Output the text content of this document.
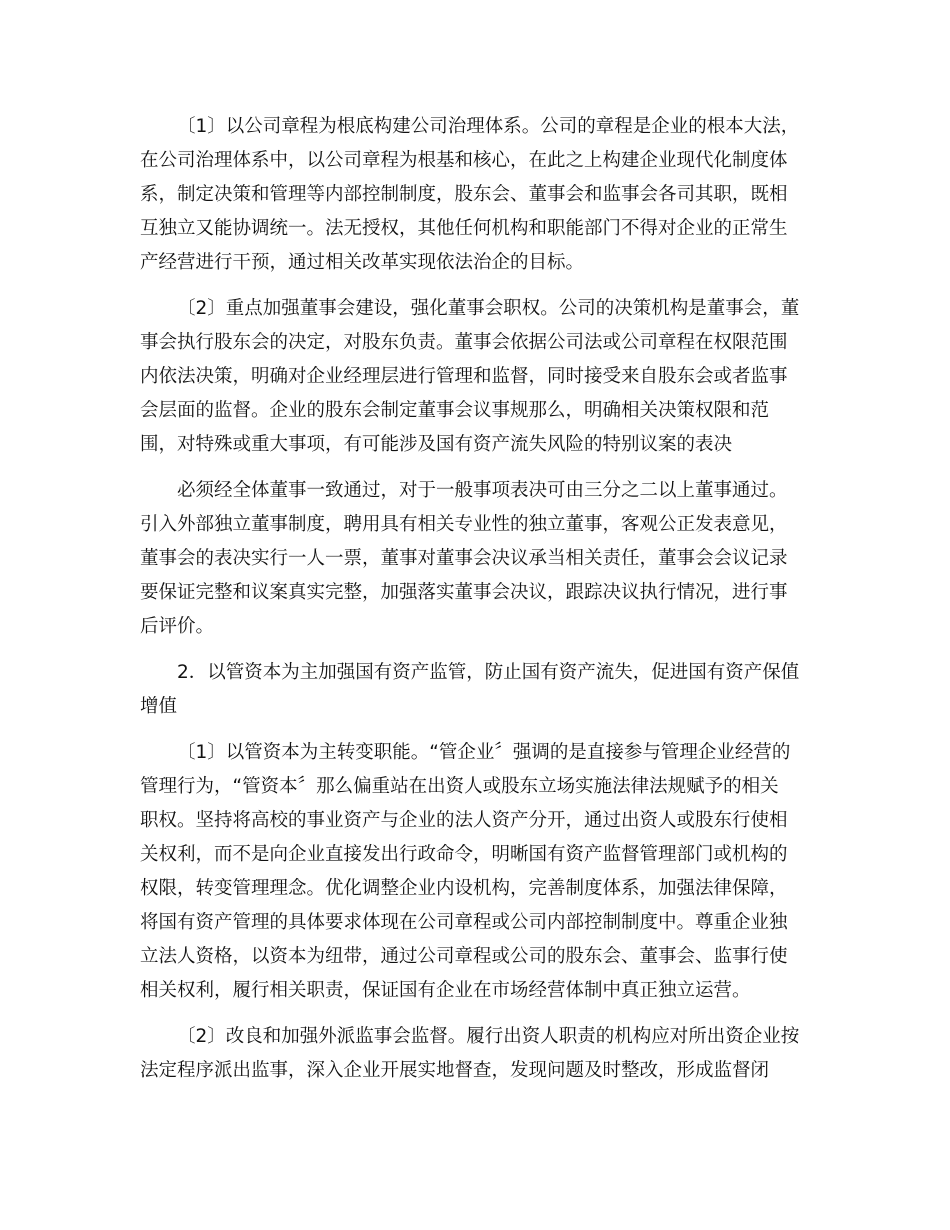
〔1〕以公司章程为根底构建公司治理体系。公司的章程是企业的根本大法，
在公司治理体系中，以公司章程为根基和核心，在此之上构建企业现代化制度体
系，制定决策和管理等内部控制制度，股东会、董事会和监事会各司其职，既相
互独立又能协调统一。法无授权，其他任何机构和职能部门不得对企业的正常生
产经营进行干预，通过相关改革实现依法治企的目标。
〔2〕重点加强董事会建设，强化董事会职权。公司的决策机构是董事会，董
事会执行股东会的决定，对股东负责。董事会依据公司法或公司章程在权限范围
内依法决策，明确对企业经理层进行管理和监督，同时接受来自股东会或者监事
会层面的监督。企业的股东会制定董事会议事规那么，明确相关决策权限和范
围，对特殊或重大事项，有可能涉及国有资产流失风险的特别议案的表决
必须经全体董事一致通过，对于一般事项表决可由三分之二以上董事通过。
引入外部独立董事制度，聘用具有相关专业性的独立董事，客观公正发表意见，
董事会的表决实行一人一票，董事对董事会决议承当相关责任，董事会会议记录
要保证完整和议案真实完整，加强落实董事会决议，跟踪决议执行情况，进行事
后评价。
2．以管资本为主加强国有资产监管，防止国有资产流失，促进国有资产保值
增值
〔1〕以管资本为主转变职能。“管企业〞强调的是直接参与管理企业经营的
管理行为，“管资本〞那么偏重站在出资人或股东立场实施法律法规赋予的相关
职权。坚持将高校的事业资产与企业的法人资产分开，通过出资人或股东行使相
关权利，而不是向企业直接发出行政命令，明晰国有资产监督管理部门或机构的
权限，转变管理理念。优化调整企业内设机构，完善制度体系，加强法律保障，
将国有资产管理的具体要求体现在公司章程或公司内部控制制度中。尊重企业独
立法人资格，以资本为纽带，通过公司章程或公司的股东会、董事会、监事行使
相关权利，履行相关职责，保证国有企业在市场经营体制中真正独立运营。
〔2〕改良和加强外派监事会监督。履行出资人职责的机构应对所出资企业按
法定程序派出监事，深入企业开展实地督查，发现问题及时整改，形成监督闭
